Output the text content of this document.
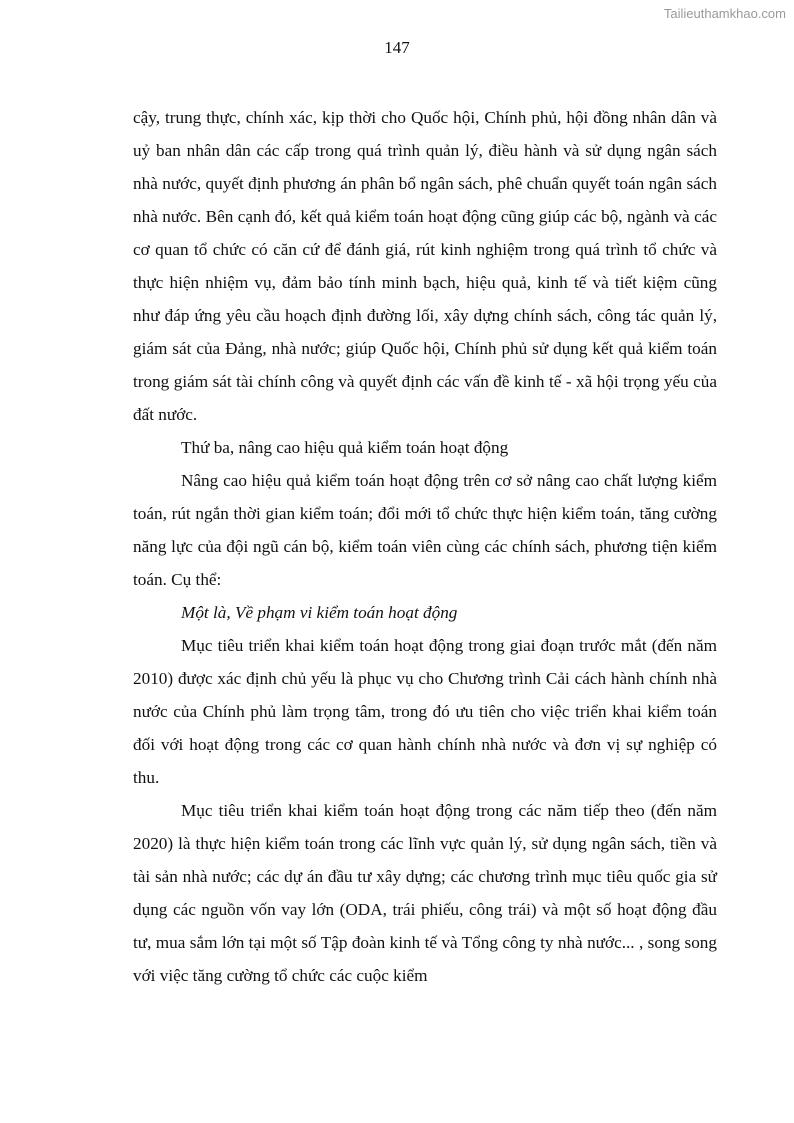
Tailieuthamkhao.com
147

cậy, trung thực, chính xác, kịp thời cho Quốc hội, Chính phủ, hội đồng nhân dân và uỷ ban nhân dân các cấp trong quá trình quản lý, điều hành và sử dụng ngân sách nhà nước, quyết định phương án phân bổ ngân sách, phê chuẩn quyết toán ngân sách nhà nước. Bên cạnh đó, kết quả kiểm toán hoạt động cũng giúp các bộ, ngành và các cơ quan tổ chức có căn cứ để đánh giá, rút kinh nghiệm trong quá trình tổ chức và thực hiện nhiệm vụ, đảm bảo tính minh bạch, hiệu quả, kinh tế và tiết kiệm cũng như đáp ứng yêu cầu hoạch định đường lối, xây dựng chính sách, công tác quản lý, giám sát của Đảng, nhà nước; giúp Quốc hội, Chính phủ sử dụng kết quả kiểm toán trong giám sát tài chính công và quyết định các vấn đề kinh tế - xã hội trọng yếu của đất nước.

Thứ ba, nâng cao hiệu quả kiểm toán hoạt động

Nâng cao hiệu quả kiểm toán hoạt động trên cơ sở nâng cao chất lượng kiểm toán, rút ngắn thời gian kiểm toán; đổi mới tổ chức thực hiện kiểm toán, tăng cường năng lực của đội ngũ cán bộ, kiểm toán viên cùng các chính sách, phương tiện kiểm toán. Cụ thể:

Một là, Về phạm vi kiểm toán hoạt động

Mục tiêu triển khai kiểm toán hoạt động trong giai đoạn trước mắt (đến năm 2010) được xác định chủ yếu là phục vụ cho Chương trình Cải cách hành chính nhà nước của Chính phủ làm trọng tâm, trong đó ưu tiên cho việc triển khai kiểm toán đối với hoạt động trong các cơ quan hành chính nhà nước và đơn vị sự nghiệp có thu.

Mục tiêu triển khai kiểm toán hoạt động trong các năm tiếp theo (đến năm 2020) là thực hiện kiểm toán trong các lĩnh vực quản lý, sử dụng ngân sách, tiền và tài sản nhà nước; các dự án đầu tư xây dựng; các chương trình mục tiêu quốc gia sử dụng các nguồn vốn vay lớn (ODA, trái phiếu, công trái) và một số hoạt động đầu tư, mua sắm lớn tại một số Tập đoàn kinh tế và Tổng công ty nhà nước... , song song với việc tăng cường tổ chức các cuộc kiểm
